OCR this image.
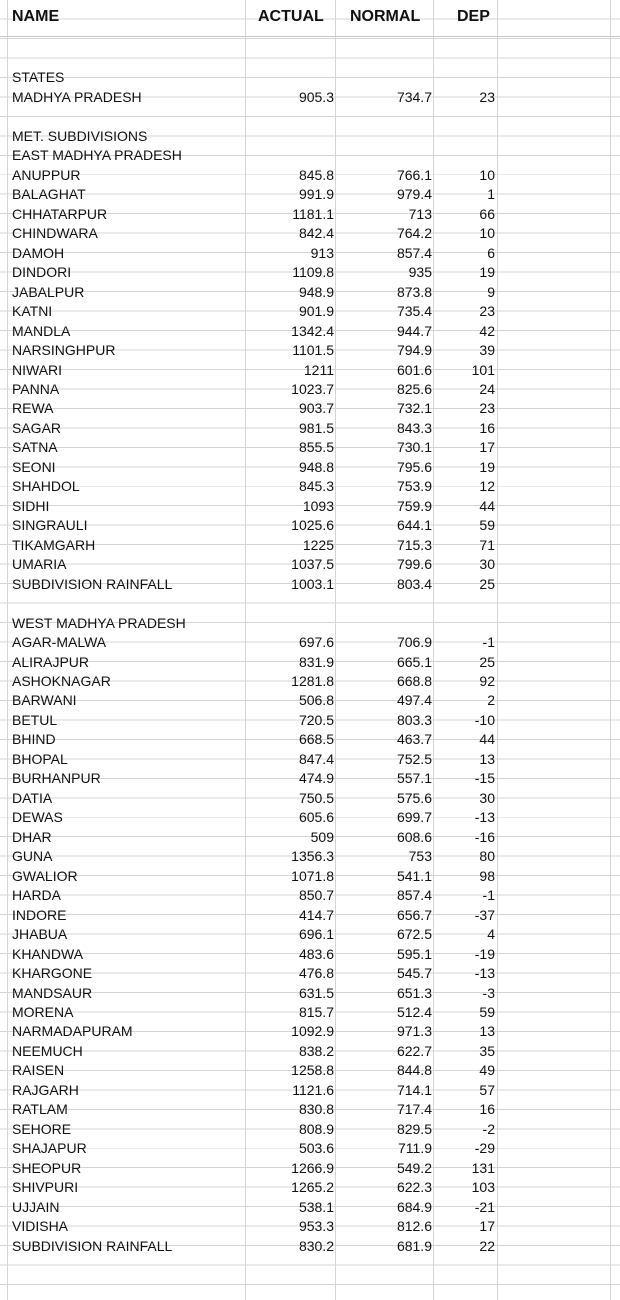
NAME	ACTUAL NORMAL DEP
STATES
MADHYA PRADESH	905.3	734.7	23
MET. SUBDIVISIONS
EAST MADHYA PRADESH
ANUPPUR	845.8	766.1	10
BALAGHAT	991.9	979.4	1
CHHATARPUR	1181.1	713	66
CHINDWARA	842.4	764.2	10
DAMOH	913	857.4	6
DINDORI	1109.8	935	19
JABALPUR	948.9	873.8	9
KATNI	901.9	735.4	23
MANDLA	1342.4	944.7	42
NARSINGHPUR	1101.5	794.9	39
NIWARI	1211	601.6	101
PANNA	1023.7	825.6	24
REWA	903.7	732.1	23
SAGAR	981.5	843.3	16
SATNA	855.5	730.1	17
SEONI	948.8	795.6	19
SHAHDOL	845.3	753.9	12
SIDHI	1093	759.9	44
SINGRAULI	1025.6	644.1	59
TIKAMGARH	1225	715.3	71
UMARIA	1037.5	799.6	30
SUBDIVISION RAINFALL	1003.1	803.4	25
WEST MADHYA PRADESH
AGAR-MALWA	697.6	706.9	-1
ALIRAJPUR	831.9	665.1	25
ASHOKNAGAR	1281.8	668.8	92
BARWANI	506.8	497.4	2
BETUL	720.5	803.3	-10
BHIND	668.5	463.7	44
BHOPAL	847.4	752.5	13
BURHANPUR	474.9	557.1	-15
DATIA	750.5	575.6	30
DEWAS	605.6	699.7	-13
DHAR	509	608.6	-16
GUNA	1356.3	753	80
GWALIOR	1071.8	541.1	98
HARDA	850.7	857.4	-1
INDORE	414.7	656.7	-37
JHABUA	696.1	672.5	4
KHANDWA	483.6	595.1	-19
KHARGONE	476.8	545.7	-13
MANDSAUR	631.5	651.3	-3
MORENA	815.7	512.4	59
NARMADAPURAM	1092.9	971.3	13
NEEMUCH	838.2	622.7	35
RAISEN	1258.8	844.8	49
RAJGARH	1121.6	714.1	57
RATLAM	830.8	717.4	16
SEHORE	808.9	829.5	-2
SHAJAPUR	503.6	711.9	-29
SHEOPUR	1266.9	549.2	131
SHIVPURI	1265.2	622.3	103
UJJAIN	538.1	684.9	-21
VIDISHA	953.3	812.6	17
SUBDIVISION RAINFALL	830.2	681.9	22
